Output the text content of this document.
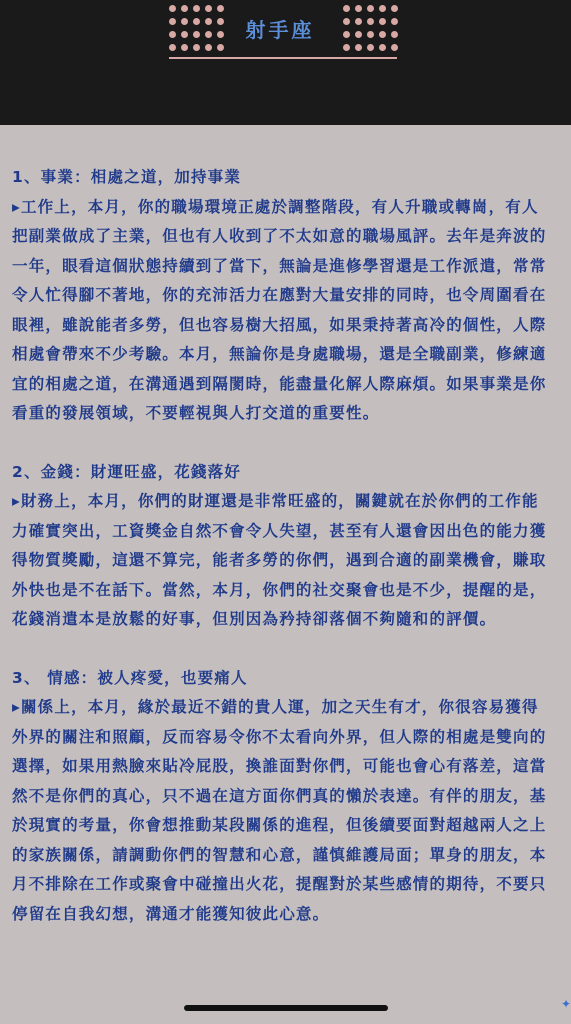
射手座

1、事業：相處之道，加持事業

▸工作上，本月，你的職場環境正處於調整階段，有人升職或轉崗，有人把副業做成了主業，但也有人收到了不太如意的職場風評。去年是奔波的一年，眼看這個狀態持續到了當下，無論是進修學習還是工作派遣，常常令人忙得腳不著地，你的充沛活力在應對大量安排的同時，也令周圍看在眼裡，雖說能者多勞，但也容易樹大招風，如果秉持著高冷的個性，人際相處會帶來不少考驗。本月，無論你是身處職場，還是全職副業，修練適宜的相處之道，在溝通遇到隔閡時，能盡量化解人際麻煩。如果事業是你看重的發展領域，不要輕視與人打交道的重要性。

2、金錢：財運旺盛，花錢落好

▸財務上，本月，你們的財運還是非常旺盛的，關鍵就在於你們的工作能力確實突出，工資獎金自然不會令人失望，甚至有人還會因出色的能力獲得物質獎勵，這還不算完，能者多勞的你們，遇到合適的副業機會，賺取外快也是不在話下。當然，本月，你們的社交聚會也是不少，提醒的是，花錢消遣本是放鬆的好事，但別因為矜持卻落個不夠隨和的評價。

3、 情感：被人疼愛，也要痛人

▸關係上，本月，緣於最近不錯的貴人運，加之天生有才，你很容易獲得外界的關注和照顧，反而容易令你不太看向外界，但人際的相處是雙向的選擇，如果用熱臉來貼冷屁股，換誰面對你們，可能也會心有落差，這當然不是你們的真心，只不過在這方面你們真的懶於表達。有伴的朋友，基於現實的考量，你會想推動某段關係的進程，但後續要面對超越兩人之上的家族關係，請調動你們的智慧和心意，謹慎維護局面；單身的朋友，本月不排除在工作或聚會中碰撞出火花，提醒對於某些感情的期待，不要只停留在自我幻想，溝通才能獲知彼此心意。

✦
